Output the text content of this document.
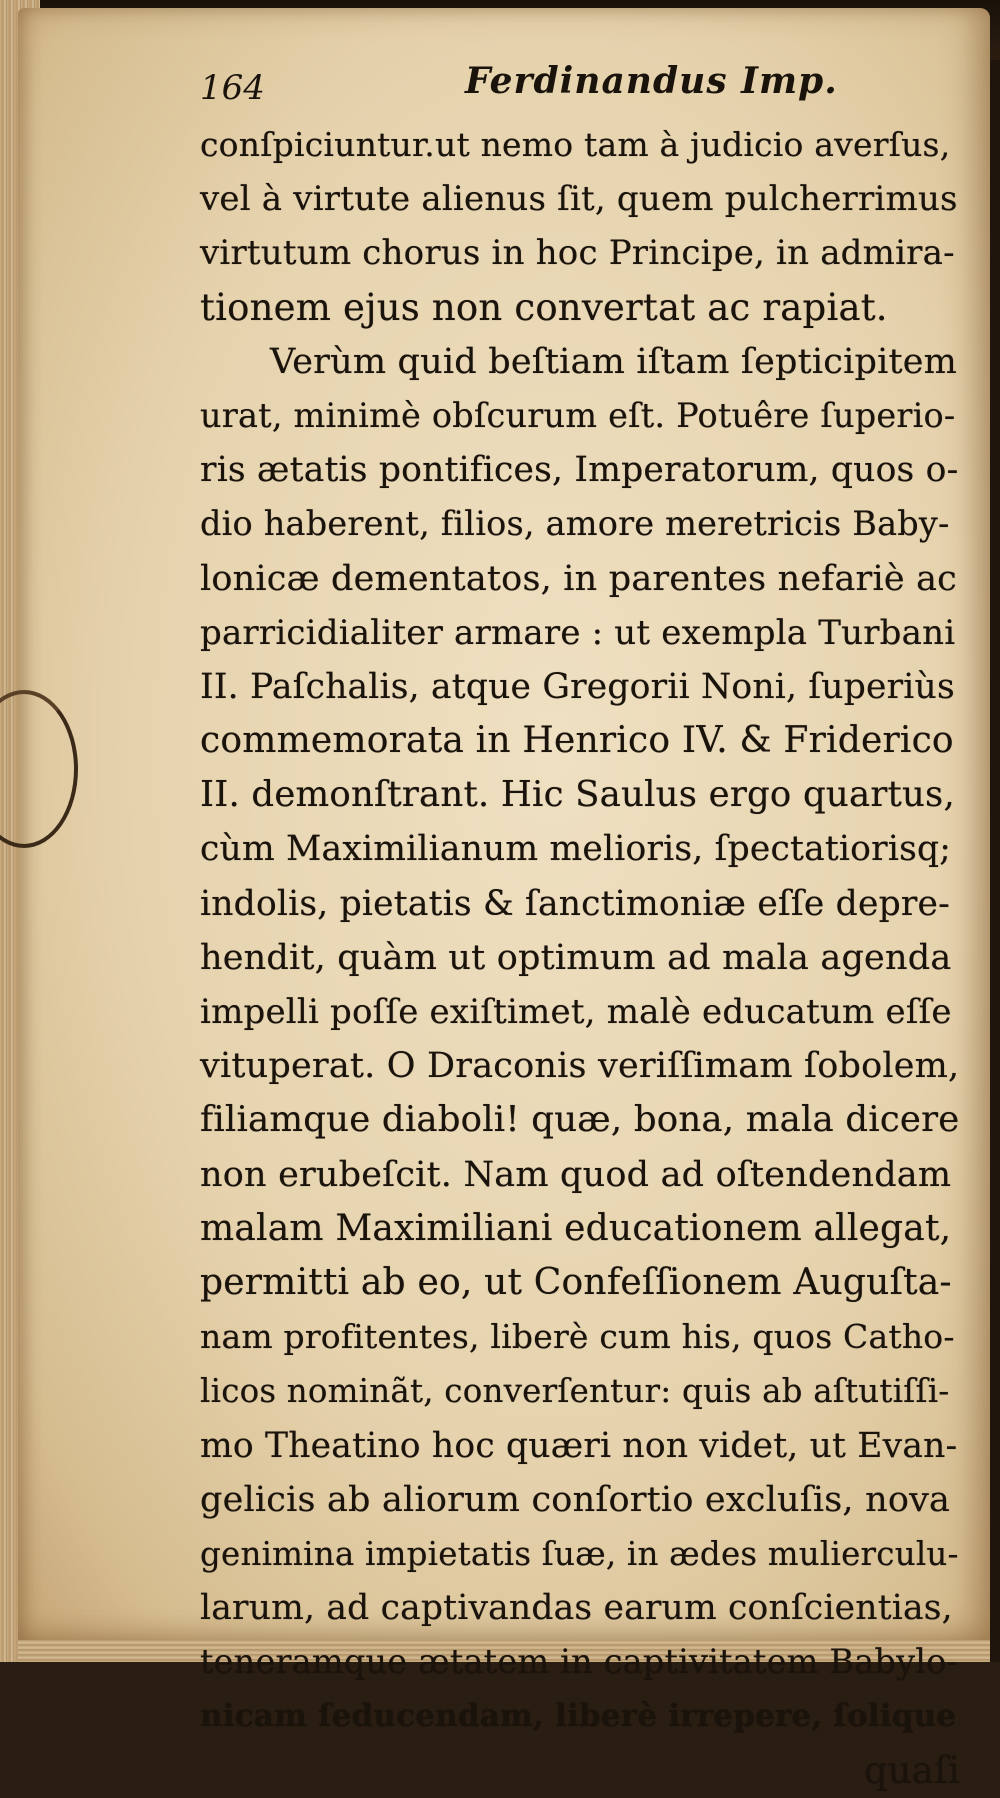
164	Ferdinandus Imp.
conſpiciuntur.ut nemo tam à judicio averſus,
vel à virtute alienus ſit, quem pulcherrimus
virtutum chorus in hoc Principe, in admira-
tionem ejus non convertat ac rapiat.
Verùm quid beſtiam iſtam ſepticipitem
urat, minimè obſcurum eſt. Potuêre ſuperio-
ris ætatis pontifices, Imperatorum, quos o-
dio haberent, filios, amore meretricis Baby-
lonicæ dementatos, in parentes nefariè ac
parricidialiter armare : ut exempla Turbani
II. Paſchalis, atque Gregorii Noni, ſuperiùs
commemorata in Henrico IV. & Friderico
II. demonſtrant. Hic Saulus ergo quartus,
cùm Maximilianum melioris, ſpectatiorisq;
indolis, pietatis & ſanctimoniæ eſſe depre-
hendit, quàm ut optimum ad mala agenda
impelli poſſe exiſtimet, malè educatum eſſe
vituperat. O Draconis veriſſimam ſobolem,
filiamque diaboli! quæ, bona, mala dicere
non erubeſcit. Nam quod ad oſtendendam
malam Maximiliani educationem allegat,
permitti ab eo, ut Confeſſionem Auguſta-
nam profitentes, liberè cum his, quos Catho-
licos nominãt, converſentur: quis ab aſtutiſſi-
mo Theatino hoc quæri non videt, ut Evan-
gelicis ab aliorum conſortio excluſis, nova
genimina impietatis ſuæ, in ædes mulierculu-
larum, ad captivandas earum conſcientias,
teneramque ætatem in captivitatem Babylo-
nicam ſeducendam, liberè irrepere, ſolique
quaſi
